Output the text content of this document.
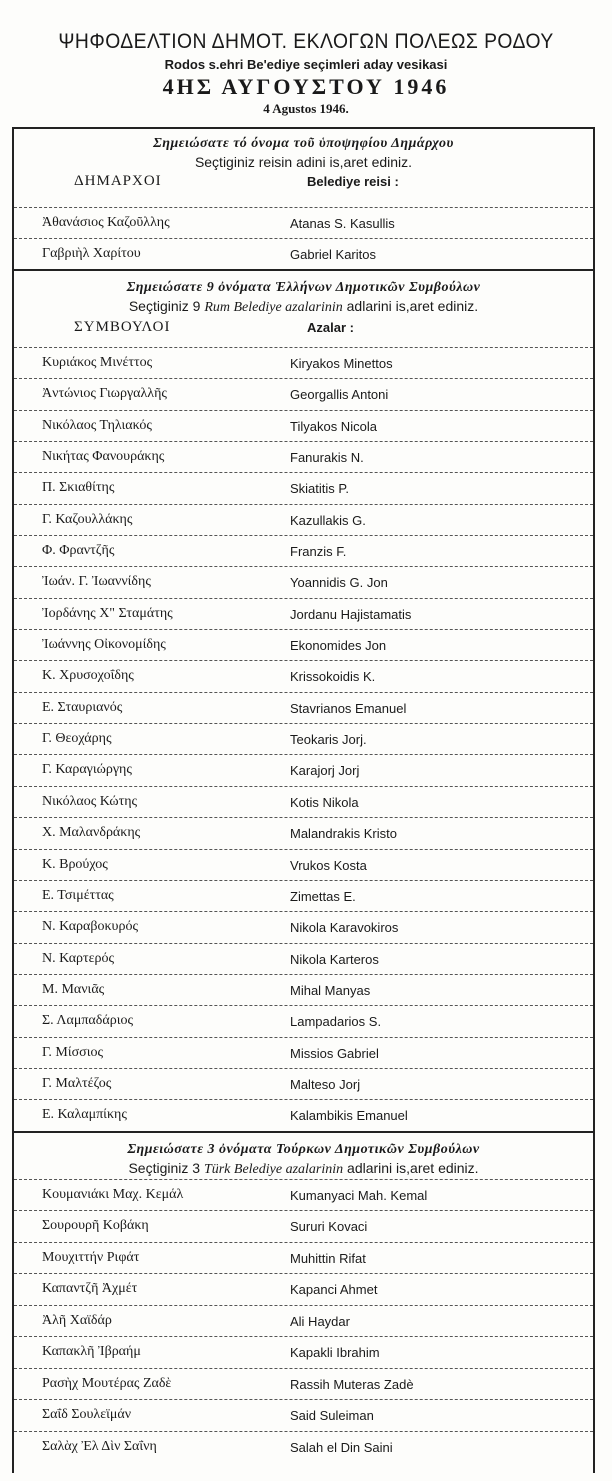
ΨΗΦΟΔΕΛΤΙΟΝ ΔΗΜΟΤ. ΕΚΛΟΓΩΝ ΠΟΛΕΩΣ ΡΟΔΟΥ
Rodos s.ehri Be'ediye seçimleri aday vesikasi
4ΗΣ ΑΥΓΟΥΣΤΟΥ 1946
4 Agustos 1946.
Σημειώσατε τό όνομα τοῦ ὑποψηφίου Δημάρχου
Seçtiginiz reisin adini is,aret ediniz.
ΔΗΜΑΡΧΟΙ	Belediye reisi :
Ἀθανάσιος Καζοῦλλης	Atanas S. Kasullis
Γαβριὴλ Χαρίτου	Gabriel Karitos
Σημειώσατε 9 ὀνόματα Ἑλλήνων Δημοτικῶν Συμβούλων
Seçtiginiz 9 Rum Belediye azalarinin adlarini is,aret ediniz.
ΣΥΜΒΟΥΛΟΙ	Azalar :
Κυριάκος Μινέττος	Kiryakos Minettos
Ἀντώνιος Γιωργαλλῆς	Georgallis Antoni
Νικόλαος Τηλιακός	Tilyakos Nicola
Νικήτας Φανουράκης	Fanurakis N.
Π. Σκιαθίτης	Skiatitis P.
Γ. Καζουλλάκης	Kazullakis G.
Φ. Φραντζῆς	Franzis F.
Ἰωάν. Γ. Ἰωαννίδης	Yoannidis G. Jon
Ἰορδάνης Χ" Σταμάτης	Jordanu Hajistamatis
Ἰωάννης Οἰκονομίδης	Ekonomides Jon
Κ. Χρυσοχοΐδης	Krissokoidis K.
Ε. Σταυριανός	Stavrianos Emanuel
Γ. Θεοχάρης	Teokaris Jorj.
Γ. Καραγιώργης	Karajorj Jorj
Νικόλαος Κώτης	Kotis Nikola
Χ. Μαλανδράκης	Malandrakis Kristo
Κ. Βρούχος	Vrukos Kosta
Ε. Τσιμέττας	Zimettas E.
Ν. Καραβοκυρός	Nikola Karavokiros
Ν. Καρτερός	Nikola Karteros
Μ. Μανιᾶς	Mihal Manyas
Σ. Λαμπαδάριος	Lampadarios S.
Γ. Μίσσιος	Missios Gabriel
Γ. Μαλτέζος	Malteso Jorj
Ε. Καλαμπίκης	Kalambikis Emanuel
Σημειώσατε 3 ὀνόματα Τούρκων Δημοτικῶν Συμβούλων
Seçtiginiz 3 Türk Belediye azalarinin adlarini is,aret ediniz.
Κουμανιάκι Μαχ. Κεμάλ	Kumanyaci Mah. Kemal
Σουρουρῆ Κοβάκη	Sururi Kovaci
Μουχιττήν Ριφάτ	Muhittin Rifat
Καπαντζῆ Ἀχμέτ	Kapanci Ahmet
Ἀλῆ Χαϊδάρ	Ali Haydar
Καπακλῆ Ἰβραήμ	Kapakli Ibrahim
Ρασὴχ Μουτέρας Ζαδὲ	Rassih Muteras Zadè
Σαΐδ Σουλεϊμάν	Said Suleiman
Σαλὰχ Ἐλ Δὶν Σαΐνη	Salah el Din Saini
